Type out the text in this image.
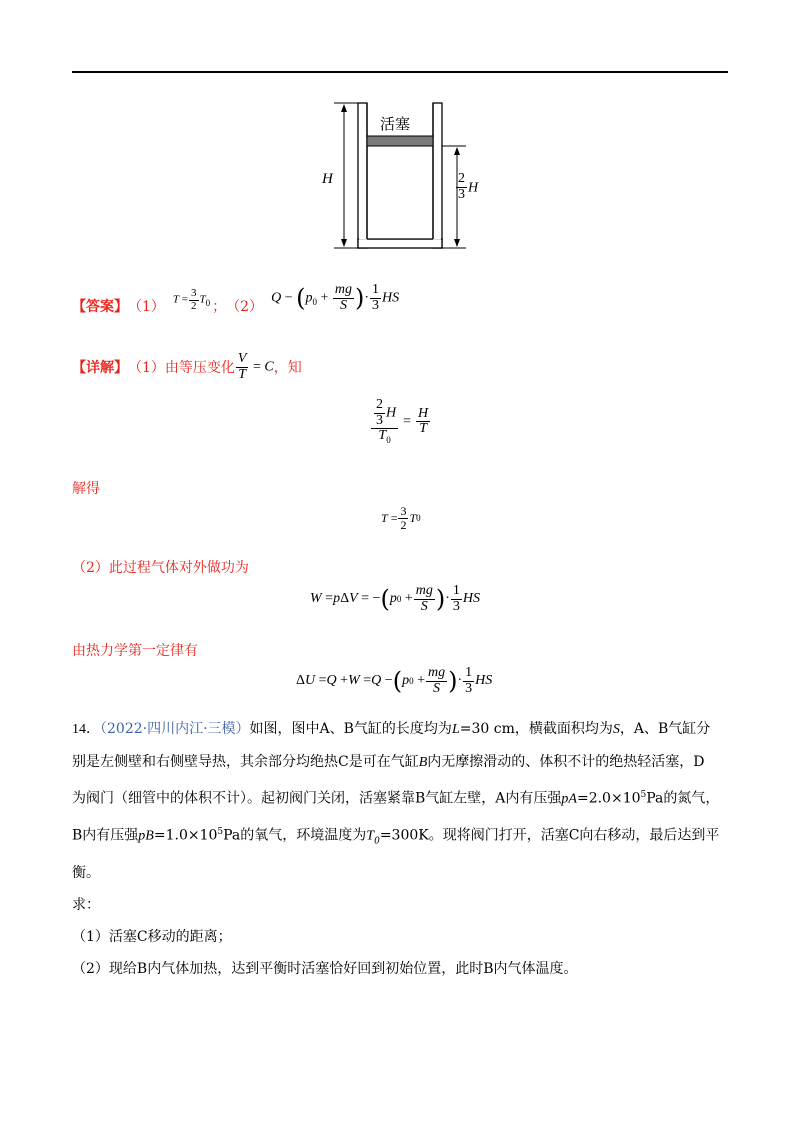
活塞
H	$\frac{2}{3}$ H
【答案】 （1） $T = \frac{3}{2} T_0$ ； （2）
$Q - (p_0 + \frac{mg}{S}$ )· $\frac{1}{3}$ HS
【详解】 （1）由等压变化 $\frac{V}{T} = C$ ，知
$\frac{\frac{2}{3} H}{T_0} = \frac{H}{T}$
解得
$T = \frac{3}{2}$ T 0
（2）此过程气体对外做功为
W = p Δ V = − ( p $0 + \frac{mg}{S}$ ) · $\frac{1}{3}$ HS
由热力学第一定律有
Δ U = Q + W = Q − ( p $0 + \frac{mg}{S}$ ) · $\frac{1}{3}$ HS
14．（2022·四川内江·三模）如图，图中A、B气缸的长度均为L=30 cm，横截面积均为S，A、B气缸分
别是左侧壁和右侧壁导热，其余部分均绝热C是可在气缸B内无摩擦滑动的、体积不计的绝热轻活塞，D
为阀门（细管中的体积不计）。起初阀门关闭，活塞紧靠B气缸左壁，A内有压强$pA=2.0\times 10^5Pa$的氮气，
B内有压强$pB=1.0\times 10^5Pa$的氧气，环境温度为$T_0=300K$。现将阀门打开，活塞C向右移动，最后达到平衡。
求：
（1）活塞C移动的距离；
（2）现给B内气体加热，达到平衡时活塞恰好回到初始位置，此时B内气体温度。
